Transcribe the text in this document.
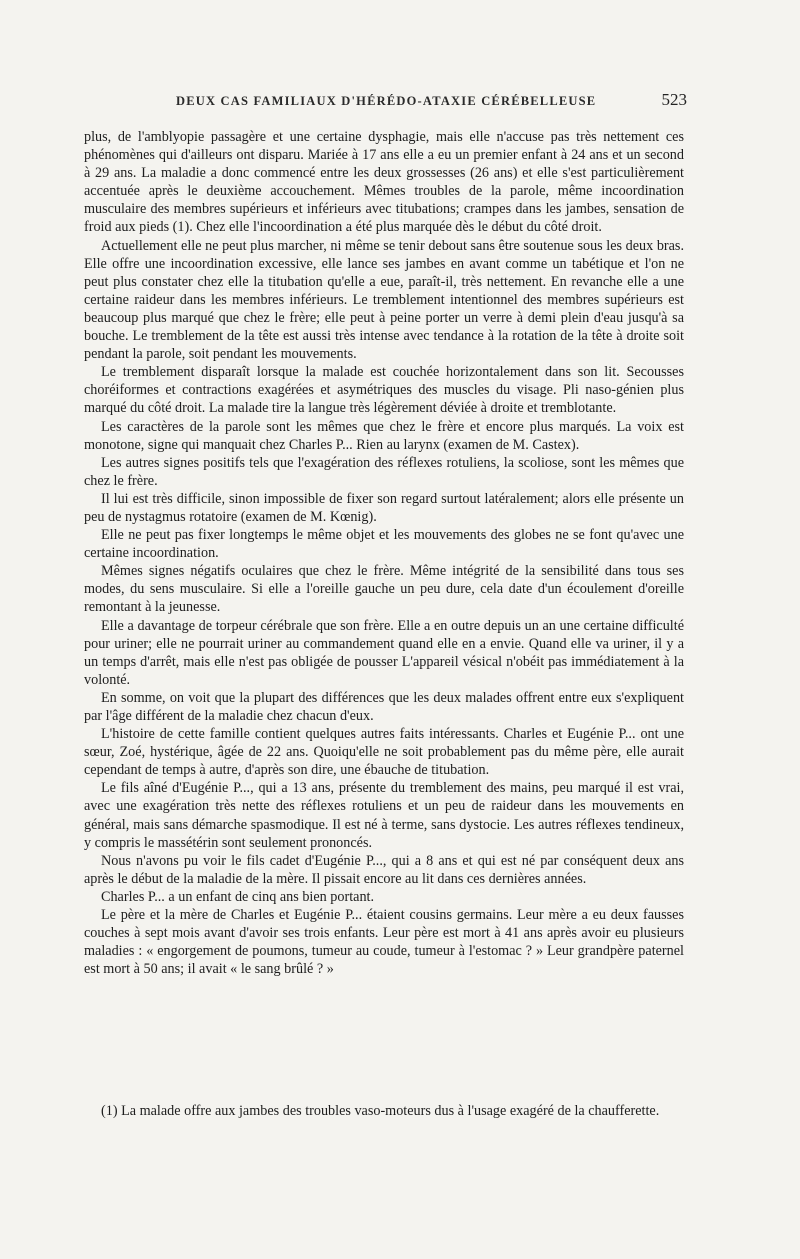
DEUX CAS FAMILIAUX D'HÉRÉDO-ATAXIE CÉRÉBELLEUSE	523

plus, de l'amblyopie passagère et une certaine dysphagie, mais elle n'accuse pas très nettement ces phénomènes qui d'ailleurs ont disparu. Mariée à 17 ans elle a eu un premier enfant à 24 ans et un second à 29 ans. La maladie a donc commencé entre les deux grossesses (26 ans) et elle s'est particulièrement accentuée après le deuxième accouchement. Mêmes troubles de la parole, même incoordination musculaire des membres supérieurs et inférieurs avec titubations; crampes dans les jambes, sensation de froid aux pieds (1). Chez elle l'incoordination a été plus marquée dès le début du côté droit.

Actuellement elle ne peut plus marcher, ni même se tenir debout sans être soutenue sous les deux bras. Elle offre une incoordination excessive, elle lance ses jambes en avant comme un tabétique et l'on ne peut plus constater chez elle la titubation qu'elle a eue, paraît-il, très nettement. En revanche elle a une certaine raideur dans les membres inférieurs. Le tremblement intentionnel des membres supérieurs est beaucoup plus marqué que chez le frère; elle peut à peine porter un verre à demi plein d'eau jusqu'à sa bouche. Le tremblement de la tête est aussi très intense avec tendance à la rotation de la tête à droite soit pendant la parole, soit pendant les mouvements.

Le tremblement disparaît lorsque la malade est couchée horizontalement dans son lit. Secousses choréiformes et contractions exagérées et asymétriques des muscles du visage. Pli naso-génien plus marqué du côté droit. La malade tire la langue très légèrement déviée à droite et tremblotante.

Les caractères de la parole sont les mêmes que chez le frère et encore plus marqués. La voix est monotone, signe qui manquait chez Charles P... Rien au larynx (examen de M. Castex).

Les autres signes positifs tels que l'exagération des réflexes rotuliens, la scoliose, sont les mêmes que chez le frère.

Il lui est très difficile, sinon impossible de fixer son regard surtout latéralement; alors elle présente un peu de nystagmus rotatoire (examen de M. Kœnig).

Elle ne peut pas fixer longtemps le même objet et les mouvements des globes ne se font qu'avec une certaine incoordination.

Mêmes signes négatifs oculaires que chez le frère. Même intégrité de la sensibilité dans tous ses modes, du sens musculaire. Si elle a l'oreille gauche un peu dure, cela date d'un écoulement d'oreille remontant à la jeunesse.

Elle a davantage de torpeur cérébrale que son frère. Elle a en outre depuis un an une certaine difficulté pour uriner; elle ne pourrait uriner au commandement quand elle en a envie. Quand elle va uriner, il y a un temps d'arrêt, mais elle n'est pas obligée de pousser L'appareil vésical n'obéit pas immédiatement à la volonté.

En somme, on voit que la plupart des différences que les deux malades offrent entre eux s'expliquent par l'âge différent de la maladie chez chacun d'eux.

L'histoire de cette famille contient quelques autres faits intéressants. Charles et Eugénie P... ont une sœur, Zoé, hystérique, âgée de 22 ans. Quoiqu'elle ne soit probablement pas du même père, elle aurait cependant de temps à autre, d'après son dire, une ébauche de titubation.

Le fils aîné d'Eugénie P..., qui a 13 ans, présente du tremblement des mains, peu marqué il est vrai, avec une exagération très nette des réflexes rotuliens et un peu de raideur dans les mouvements en général, mais sans démarche spasmodique. Il est né à terme, sans dystocie. Les autres réflexes tendineux, y compris le massétérin sont seulement prononcés.

Nous n'avons pu voir le fils cadet d'Eugénie P..., qui a 8 ans et qui est né par conséquent deux ans après le début de la maladie de la mère. Il pissait encore au lit dans ces dernières années.

Charles P... a un enfant de cinq ans bien portant.

Le père et la mère de Charles et Eugénie P... étaient cousins germains. Leur mère a eu deux fausses couches à sept mois avant d'avoir ses trois enfants. Leur père est mort à 41 ans après avoir eu plusieurs maladies : « engorgement de poumons, tumeur au coude, tumeur à l'estomac ? » Leur grandpère paternel est mort à 50 ans; il avait « le sang brûlé ? »

(1) La malade offre aux jambes des troubles vaso-moteurs dus à l'usage exagéré de la chaufferette.
